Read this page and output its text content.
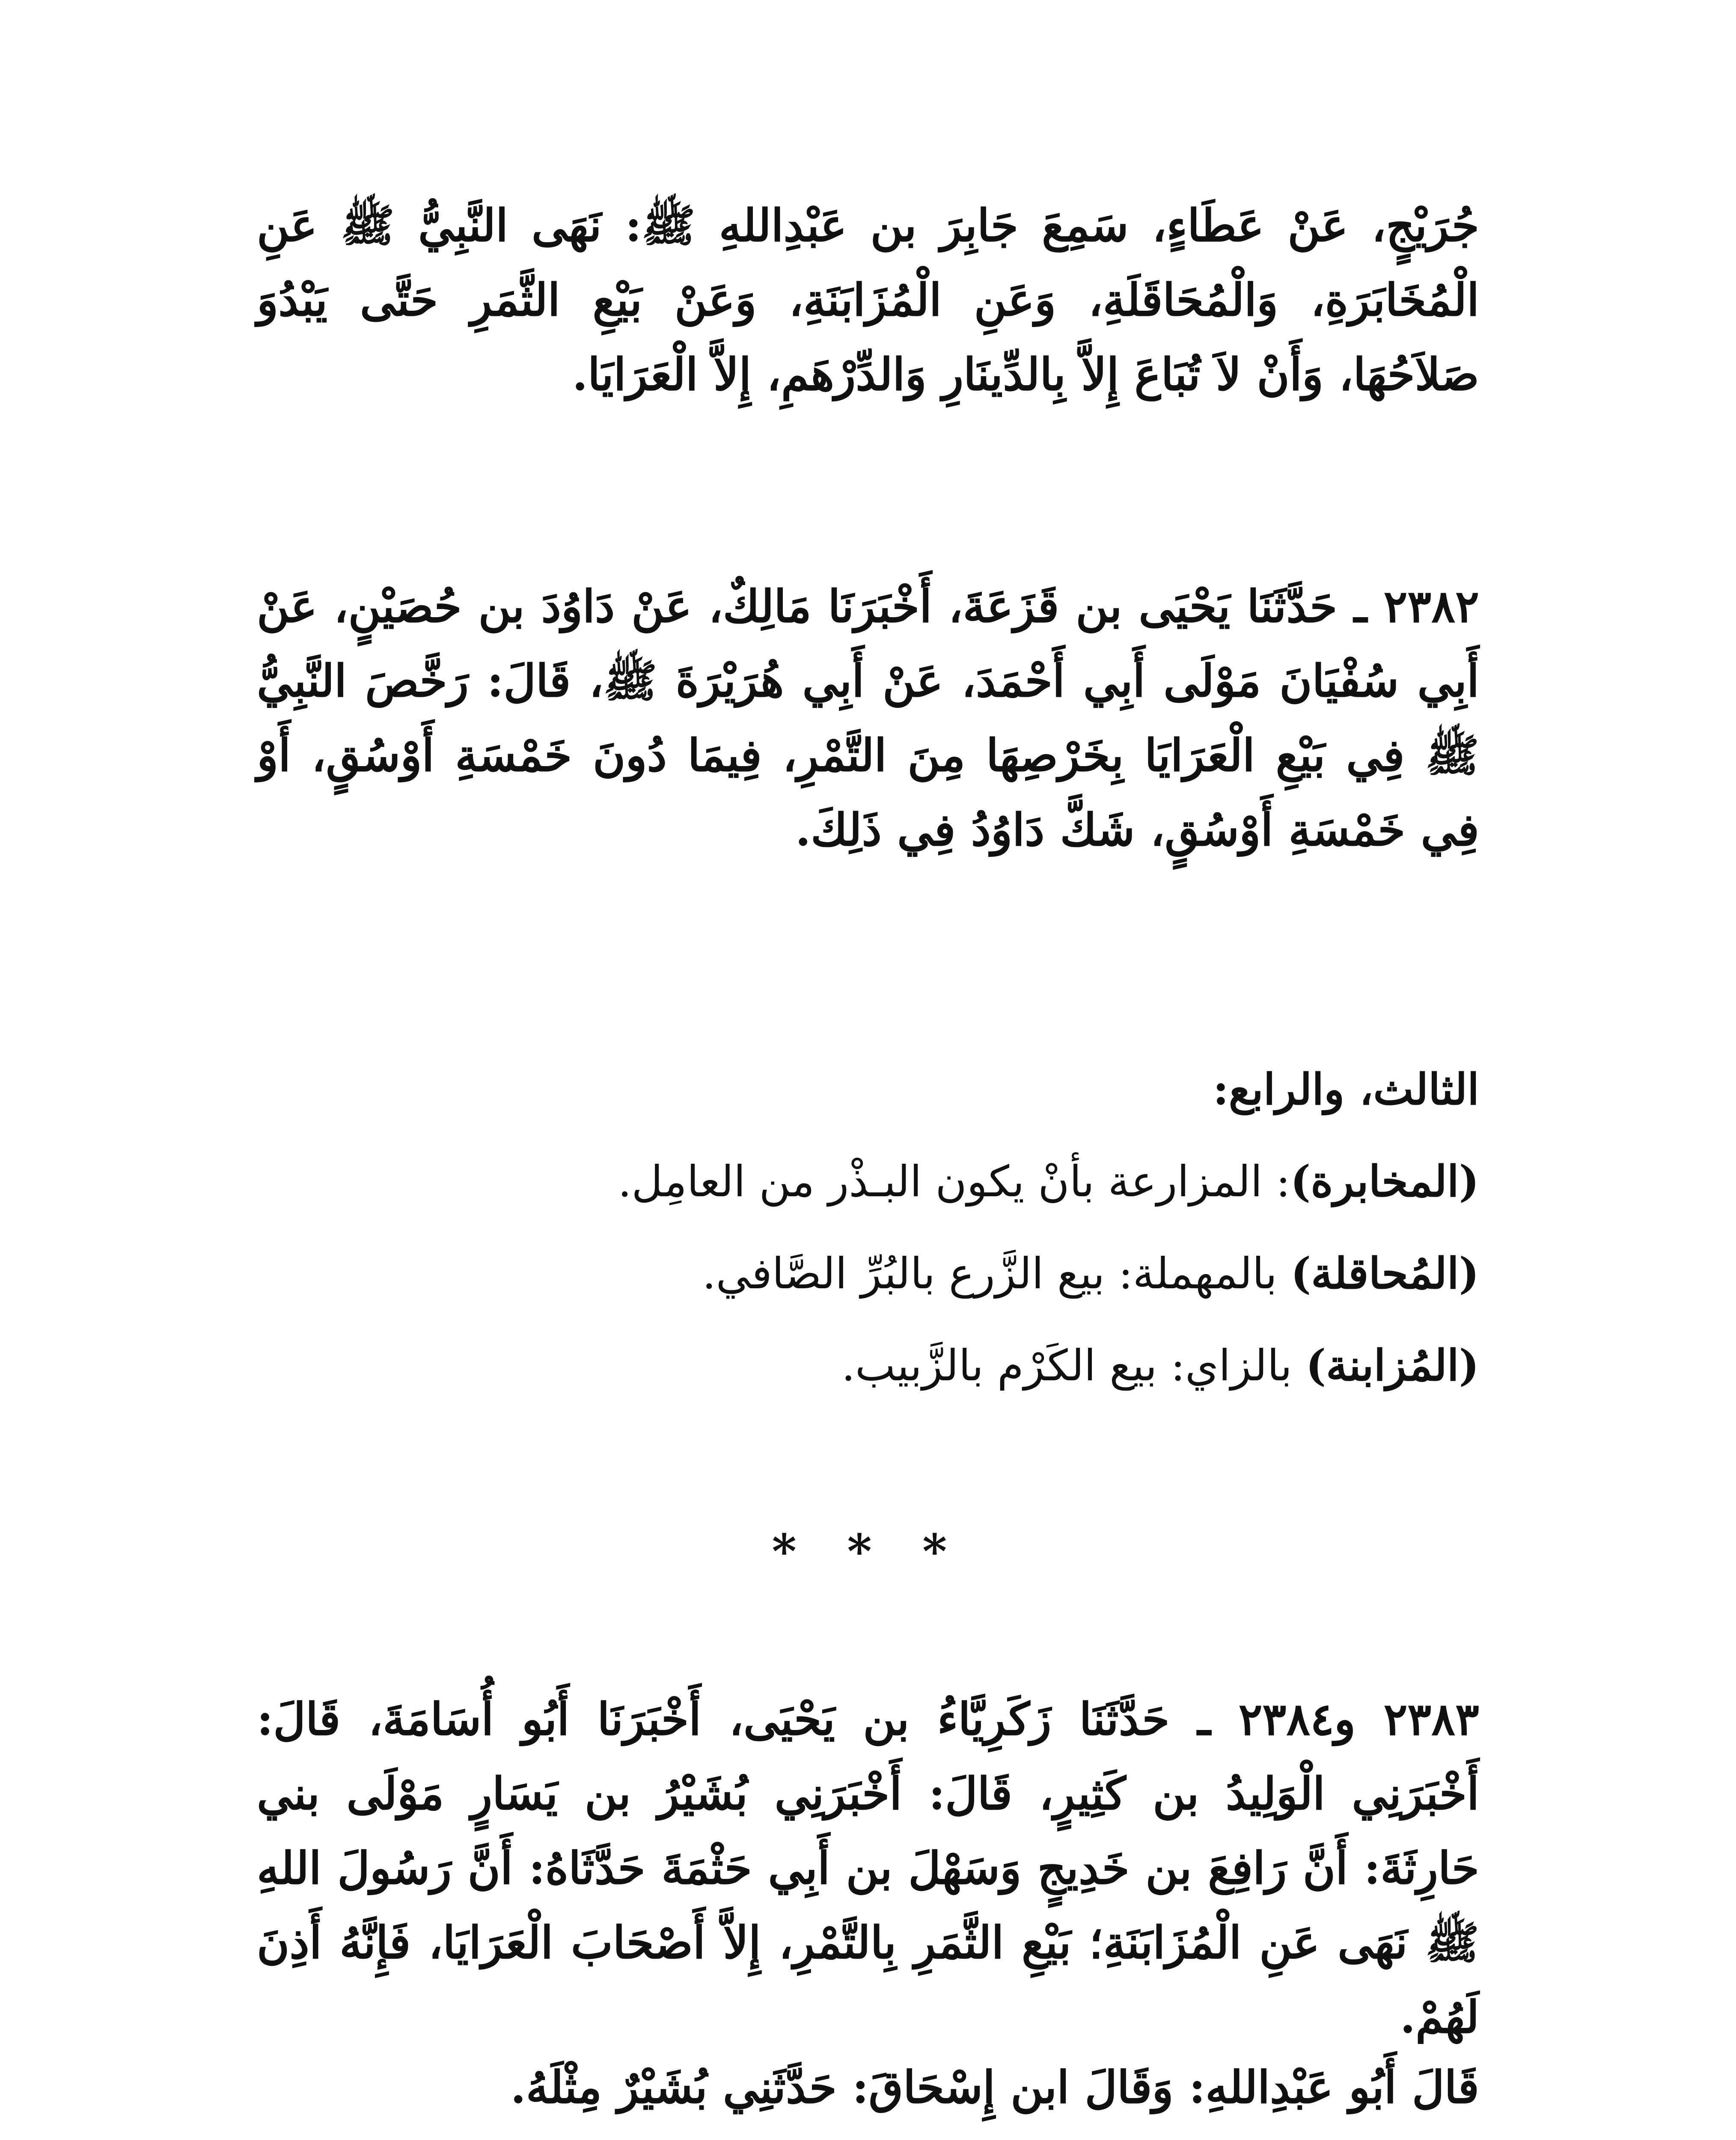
جُرَيْجٍ، عَنْ عَطَاءٍ، سَمِعَ جَابِرَ بن عَبْدِاللهِ ﷺ: نَهَى النَّبِيُّ ﷺ عَنِ الْمُخَابَرَةِ، وَالْمُحَاقَلَةِ، وَعَنِ الْمُزَابَنَةِ، وَعَنْ بَيْعِ الثَّمَرِ حَتَّى يَبْدُوَ صَلاَحُهَا، وَأَنْ لاَ تُبَاعَ إِلاَّ بِالدِّينَارِ وَالدِّرْهَمِ، إِلاَّ الْعَرَايَا.
٢٣٨٢ ـ حَدَّثَنَا يَحْيَى بن قَزَعَةَ، أَخْبَرَنَا مَالِكٌ، عَنْ دَاوُدَ بن حُصَيْنٍ، عَنْ أَبِي سُفْيَانَ مَوْلَى أَبِي أَحْمَدَ، عَنْ أَبِي هُرَيْرَةَ ﷺ، قَالَ: رَخَّصَ النَّبِيُّ ﷺ فِي بَيْعِ الْعَرَايَا بِخَرْصِهَا مِنَ التَّمْرِ، فِيمَا دُونَ خَمْسَةِ أَوْسُقٍ، أَوْ فِي خَمْسَةِ أَوْسُقٍ، شَكَّ دَاوُدُ فِي ذَلِكَ.
الثالث، والرابع:
(المخابرة): المزارعة بأنْ يكون البـذْر من العامِل.
(المُحاقلة) بالمهملة: بيع الزَّرع بالبُرِّ الصَّافي.
(المُزابنة) بالزاي: بيع الكَرْم بالزَّبيب.
* * *
٢٣٨٣ و٢٣٨٤ ـ حَدَّثَنَا زَكَرِيَّاءُ بن يَحْيَى، أَخْبَرَنَا أَبُو أُسَامَةَ، قَالَ: أَخْبَرَنِي الْوَلِيدُ بن كَثِيرٍ، قَالَ: أَخْبَرَنِي بُشَيْرُ بن يَسَارٍ مَوْلَى بني حَارِثَةَ: أَنَّ رَافِعَ بن خَدِيجٍ وَسَهْلَ بن أَبِي حَثْمَةَ حَدَّثَاهُ: أَنَّ رَسُولَ اللهِ ﷺ نَهَى عَنِ الْمُزَابَنَةِ؛ بَيْعِ الثَّمَرِ بِالتَّمْرِ، إِلاَّ أَصْحَابَ الْعَرَايَا، فَإِنَّهُ أَذِنَ لَهُمْ.
قَالَ أَبُو عَبْدِاللهِ: وَقَالَ ابن إِسْحَاقَ: حَدَّثَنِي بُشَيْرٌ مِثْلَهُ.
